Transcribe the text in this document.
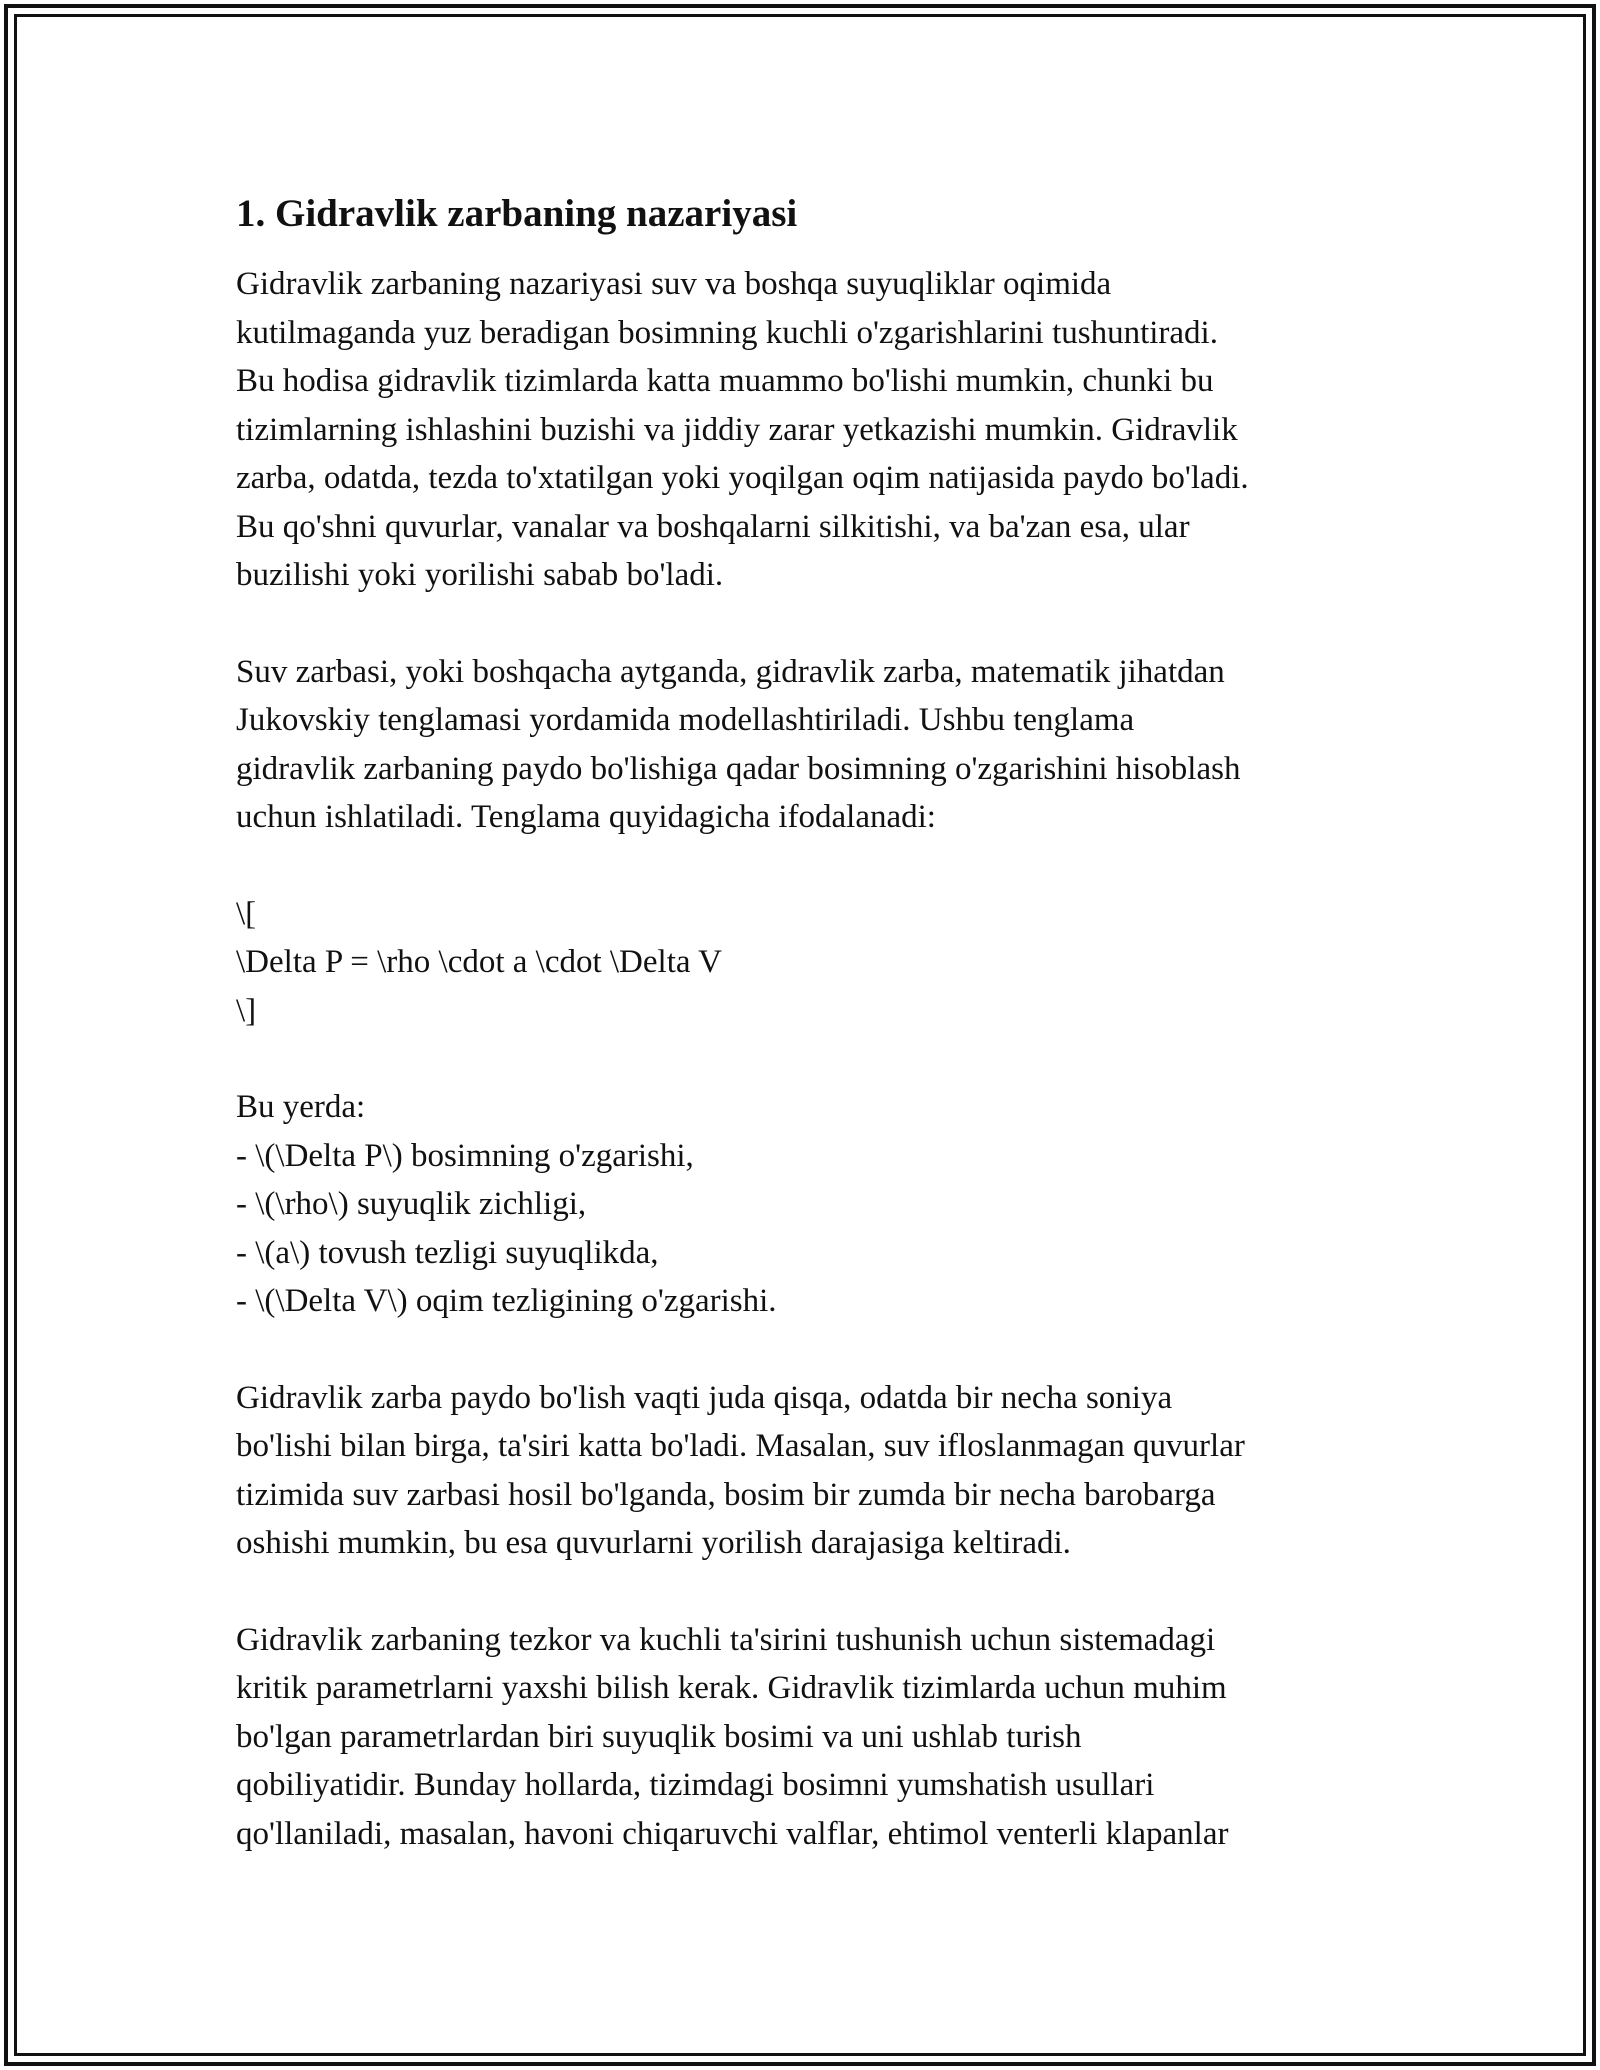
1. Gidravlik zarbaning nazariyasi

Gidravlik zarbaning nazariyasi suv va boshqa suyuqliklar oqimida
kutilmaganda yuz beradigan bosimning kuchli o'zgarishlarini tushuntiradi.
Bu hodisa gidravlik tizimlarda katta muammo bo'lishi mumkin, chunki bu
tizimlarning ishlashini buzishi va jiddiy zarar yetkazishi mumkin. Gidravlik
zarba, odatda, tezda to'xtatilgan yoki yoqilgan oqim natijasida paydo bo'ladi.
Bu qo'shni quvurlar, vanalar va boshqalarni silkitishi, va ba'zan esa, ular
buzilishi yoki yorilishi sabab bo'ladi.

Suv zarbasi, yoki boshqacha aytganda, gidravlik zarba, matematik jihatdan
Jukovskiy tenglamasi yordamida modellashtiriladi. Ushbu tenglama
gidravlik zarbaning paydo bo'lishiga qadar bosimning o'zgarishini hisoblash
uchun ishlatiladi. Tenglama quyidagicha ifodalanadi:

\[
\Delta P = \rho \cdot a \cdot \Delta V
\]

Bu yerda:
- \(\Delta P\) bosimning o'zgarishi,
- \(\rho\) suyuqlik zichligi,
- \(a\) tovush tezligi suyuqlikda,
- \(\Delta V\) oqim tezligining o'zgarishi.

Gidravlik zarba paydo bo'lish vaqti juda qisqa, odatda bir necha soniya
bo'lishi bilan birga, ta'siri katta bo'ladi. Masalan, suv ifloslanmagan quvurlar
tizimida suv zarbasi hosil bo'lganda, bosim bir zumda bir necha barobarga
oshishi mumkin, bu esa quvurlarni yorilish darajasiga keltiradi.

Gidravlik zarbaning tezkor va kuchli ta'sirini tushunish uchun sistemadagi
kritik parametrlarni yaxshi bilish kerak. Gidravlik tizimlarda uchun muhim
bo'lgan parametrlardan biri suyuqlik bosimi va uni ushlab turish
qobiliyatidir. Bunday hollarda, tizimdagi bosimni yumshatish usullari
qo'llaniladi, masalan, havoni chiqaruvchi valflar, ehtimol venterli klapanlar
